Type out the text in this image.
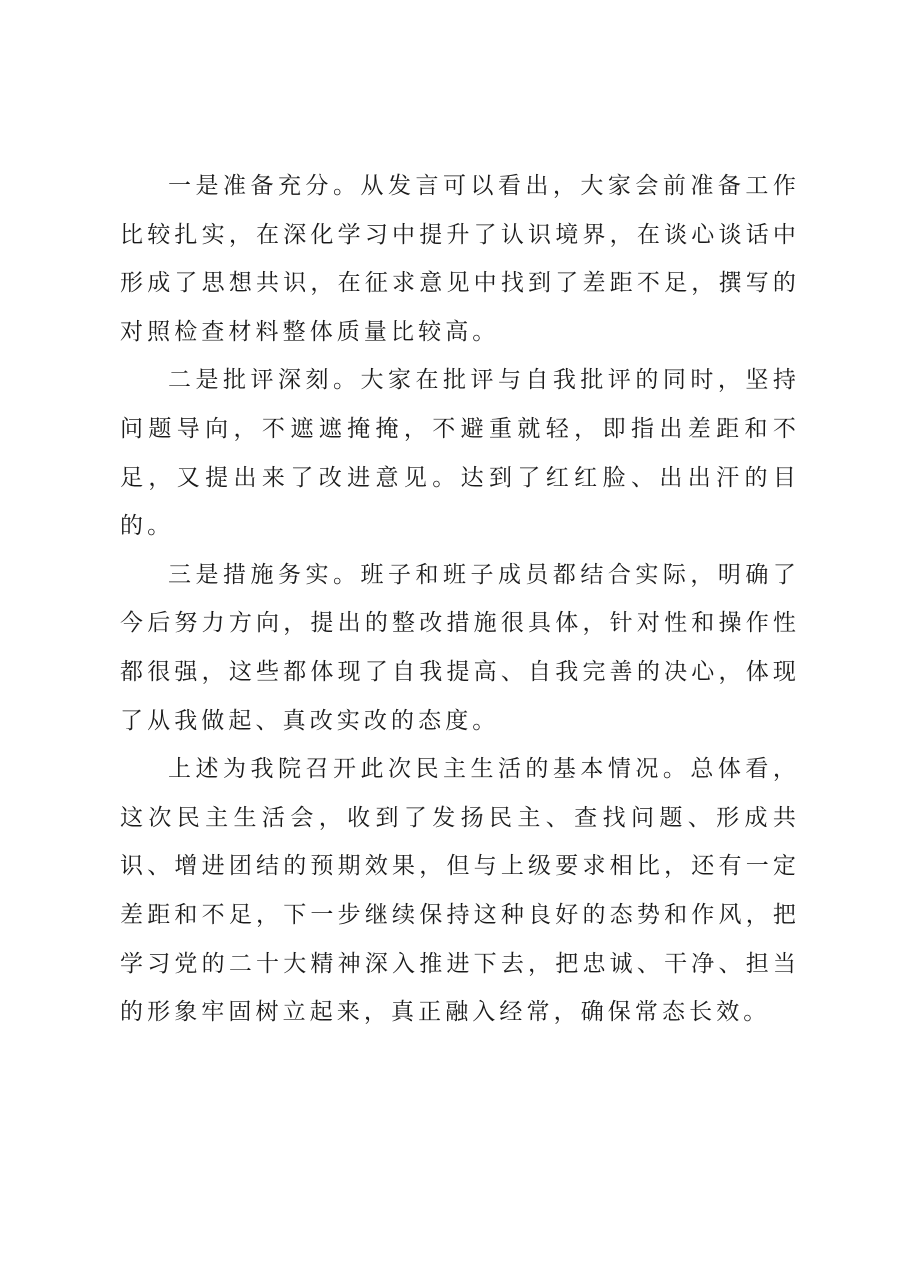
一是准备充分。从发言可以看出，大家会前准备工作比较扎实，在深化学习中提升了认识境界，在谈心谈话中形成了思想共识，在征求意见中找到了差距不足，撰写的对照检查材料整体质量比较高。

二是批评深刻。大家在批评与自我批评的同时，坚持问题导向，不遮遮掩掩，不避重就轻，即指出差距和不足，又提出来了改进意见。达到了红红脸、出出汗的目的。

三是措施务实。班子和班子成员都结合实际，明确了今后努力方向，提出的整改措施很具体，针对性和操作性都很强，这些都体现了自我提高、自我完善的决心，体现了从我做起、真改实改的态度。

上述为我院召开此次民主生活的基本情况。总体看，这次民主生活会，收到了发扬民主、查找问题、形成共识、增进团结的预期效果，但与上级要求相比，还有一定差距和不足，下一步继续保持这种良好的态势和作风，把学习党的二十大精神深入推进下去，把忠诚、干净、担当的形象牢固树立起来，真正融入经常，确保常态长效。
